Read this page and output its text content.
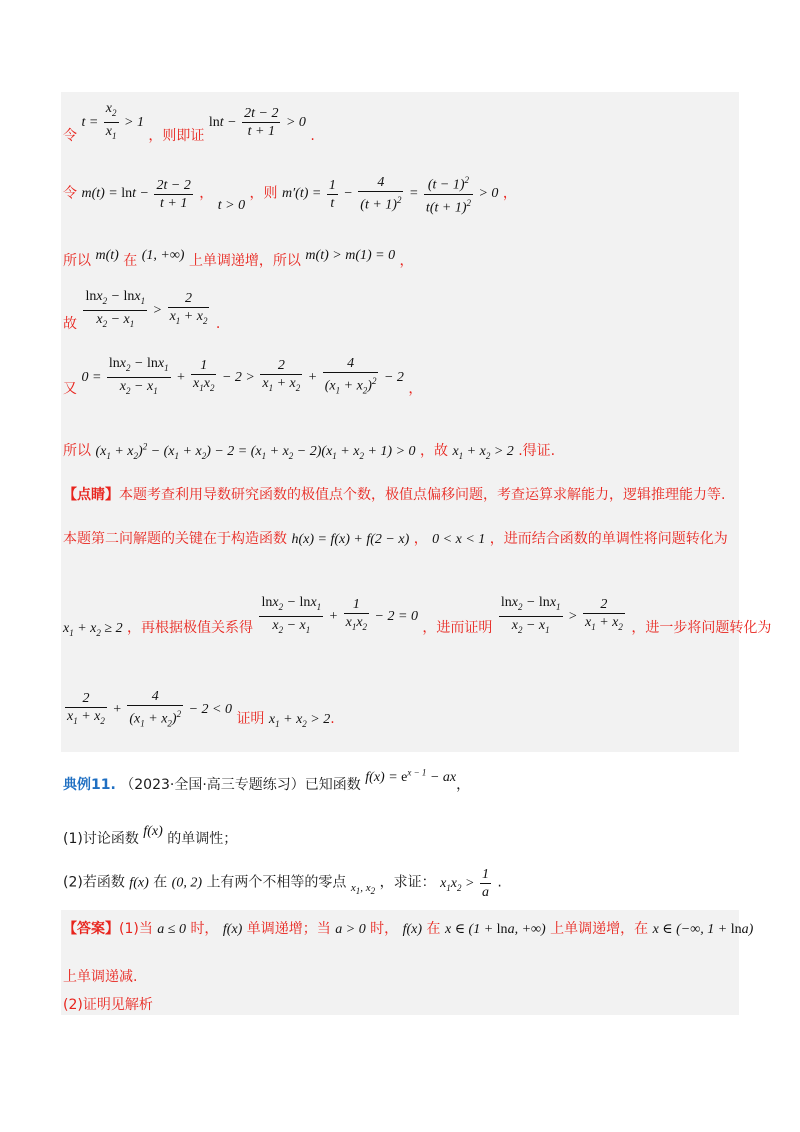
令 $t = \frac{x_2}{x_1} > 1$ ，则即证 $\ln t - \frac{2t - 2}{t + 1} > 0$ .
令 $m(t) = \ln t - \frac{2t - 2}{t + 1}$ ， t > 0 ，则 $m'(t) = \frac{1}{t} - \frac{4}{(t + 1)^2} = \frac{(t - 1)^2}{t(t + 1)^2} > 0$ ，
所以 m(t) 在 (1, +∞) 上单调递增，所以 m(t) > m(1) = 0 ，
故 $\frac{\ln x_2 - \ln x_1}{x_2 - x_1} > \frac{2}{x_1 + x_2}$ .
又 $0 = \frac{\ln x_2 - \ln x_1}{x_2 - x_1} + \frac{1}{x_1x_2} - 2 > \frac{2}{x_1 + x_2} + \frac{4}{(x_1 + x_2)^2} - 2$ ，
所以 $(x_1 + x_2)^2 - (x_1 + x_2) - 2 = (x_1 + x_2 - 2)(x_1 + x_2 + 1) > 0$ ，故 $x_1 + x_2 > 2$ .得证.
【点睛】本题考查利用导数研究函数的极值点个数，极值点偏移问题，考查运算求解能力，逻辑推理能力等.
本题第二问解题的关键在于构造函数 h(x) = f(x) + f(2 − x) ， 0 < x < 1 ，进而结合函数的单调性将问题转化为
$x_1 + x_2 \ge 2$ ，再根据极值关系得 $\frac{\ln x_2 - \ln x_1}{x_2 - x_1} + \frac{1}{x_1x_2} - 2 = 0$ ，进而证明 $\frac{\ln x_2 - \ln x_1}{x_2 - x_1} > \frac{2}{x_1 + x_2}$ ，进一步将问题转化为
$\frac{2}{x_1 + x_2} + \frac{4}{(x_1 + x_2)^2} - 2 < 0$ 证明 $x_1 + x_2 > 2$.
典例11. （2023·全国·高三专题练习）已知函数 $f(x) = e^{x - 1}$ − ax，
(1)讨论函数 f(x) 的单调性；
(2)若函数 f(x) 在 (0, 2) 上有两个不相等的零点 $_{x_1, x_2}$ ，求证： $x_1x_2 > \frac{1}{a}$ .
【答案】(1)当 a ≤ 0 时， f(x) 单调递增；当 a > 0 时， f(x) 在 x ∈ (1 + lna, +∞) 上单调递增，在 x ∈ (−∞, 1 + lna)
上单调递减.
(2)证明见解析
